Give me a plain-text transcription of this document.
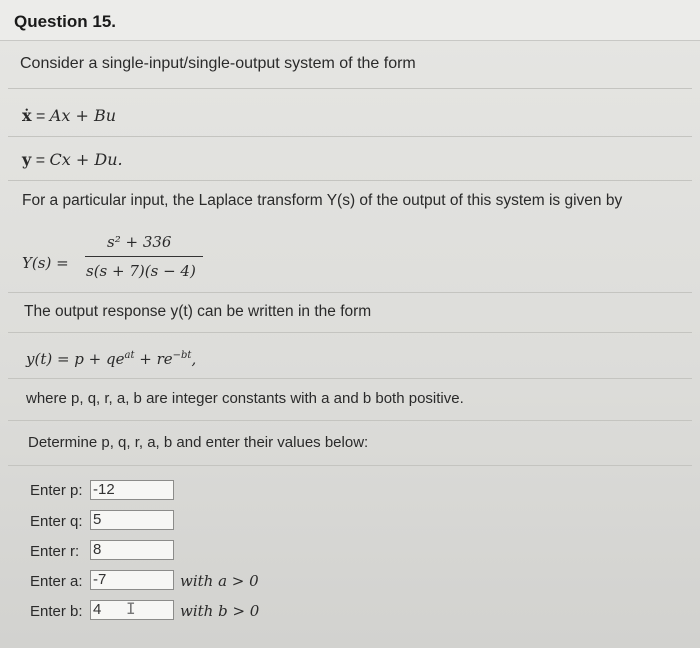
Question 15.
Consider a single-input/single-output system of the form
ẋ = Ax + Bu
y = Cx + Du.
For a particular input, the Laplace transform Y(s) of the output of this system is given by
Y(s) =
s² + 336
s(s + 7)(s − 4)
The output response y(t) can be written in the form
$y(t) = p + qe^{at} + re^{-bt}$,
where p, q, r, a, b are integer constants with a and b both positive.
Determine p, q, r, a, b and enter their values below:
Enter p: -12
Enter q: 5
Enter r: 8
Enter a: -7	with a > 0
Enter b: 4	I	with b > 0
